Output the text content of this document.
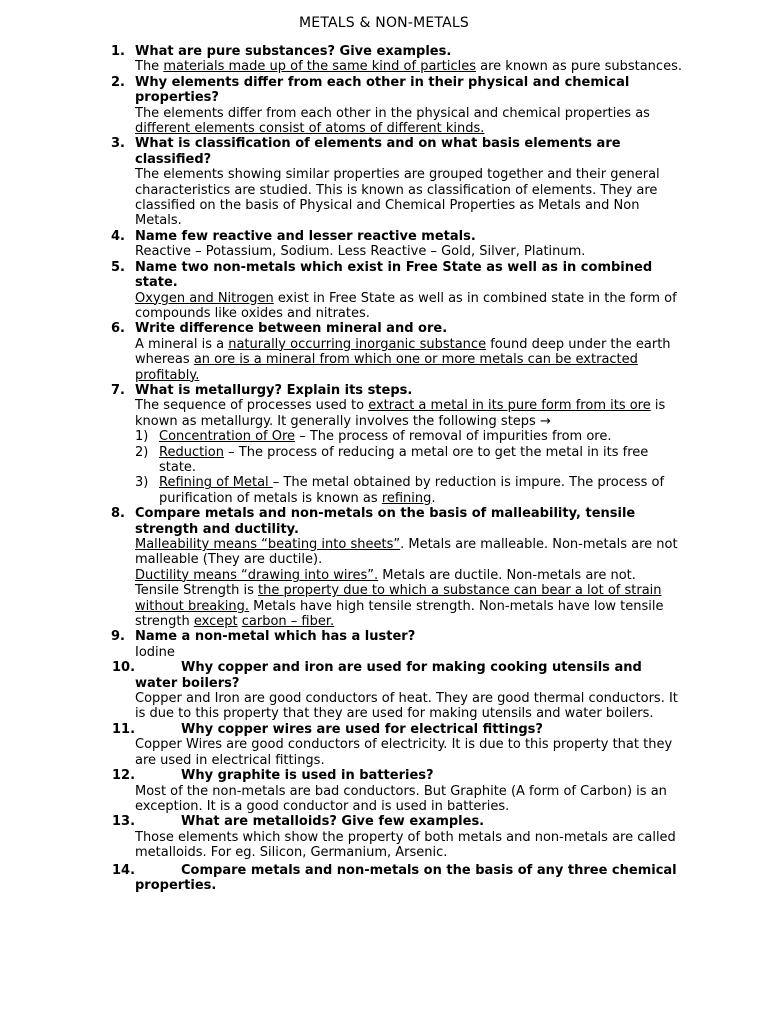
METALS & NON-METALS
1. What are pure substances? Give examples.
The materials made up of the same kind of particles are known as pure substances.
2. Why elements differ from each other in their physical and chemical properties?
The elements differ from each other in the physical and chemical properties as different elements consist of atoms of different kinds.
3. What is classification of elements and on what basis elements are classified?
The elements showing similar properties are grouped together and their general characteristics are studied. This is known as classification of elements. They are classified on the basis of Physical and Chemical Properties as Metals and Non Metals.
4. Name few reactive and lesser reactive metals.
Reactive – Potassium, Sodium. Less Reactive – Gold, Silver, Platinum.
5. Name two non-metals which exist in Free State as well as in combined state.
Oxygen and Nitrogen exist in Free State as well as in combined state in the form of compounds like oxides and nitrates.
6. Write difference between mineral and ore.
A mineral is a naturally occurring inorganic substance found deep under the earth whereas an ore is a mineral from which one or more metals can be extracted profitably.
7. What is metallurgy? Explain its steps.
The sequence of processes used to extract a metal in its pure form from its ore is known as metallurgy. It generally involves the following steps →
1) Concentration of Ore – The process of removal of impurities from ore.
2) Reduction – The process of reducing a metal ore to get the metal in its free state.
3) Refining of Metal – The metal obtained by reduction is impure. The process of purification of metals is known as refining.
8. Compare metals and non-metals on the basis of malleability, tensile strength and ductility.
Malleability means “beating into sheets”. Metals are malleable. Non-metals are not malleable (They are ductile).
Ductility means “drawing into wires”. Metals are ductile. Non-metals are not.
Tensile Strength is the property due to which a substance can bear a lot of strain without breaking. Metals have high tensile strength. Non-metals have low tensile strength except carbon – fiber.
9. Name a non-metal which has a luster?
Iodine
10.	Why copper and iron are used for making cooking utensils and water boilers?
Copper and Iron are good conductors of heat. They are good thermal conductors. It is due to this property that they are used for making utensils and water boilers.
11.	Why copper wires are used for electrical fittings?
Copper Wires are good conductors of electricity. It is due to this property that they are used in electrical fittings.
12.	Why graphite is used in batteries?
Most of the non-metals are bad conductors. But Graphite (A form of Carbon) is an exception. It is a good conductor and is used in batteries.
13.	What are metalloids? Give few examples.
Those elements which show the property of both metals and non-metals are called metalloids. For eg. Silicon, Germanium, Arsenic.
14.	Compare metals and non-metals on the basis of any three chemical properties.
